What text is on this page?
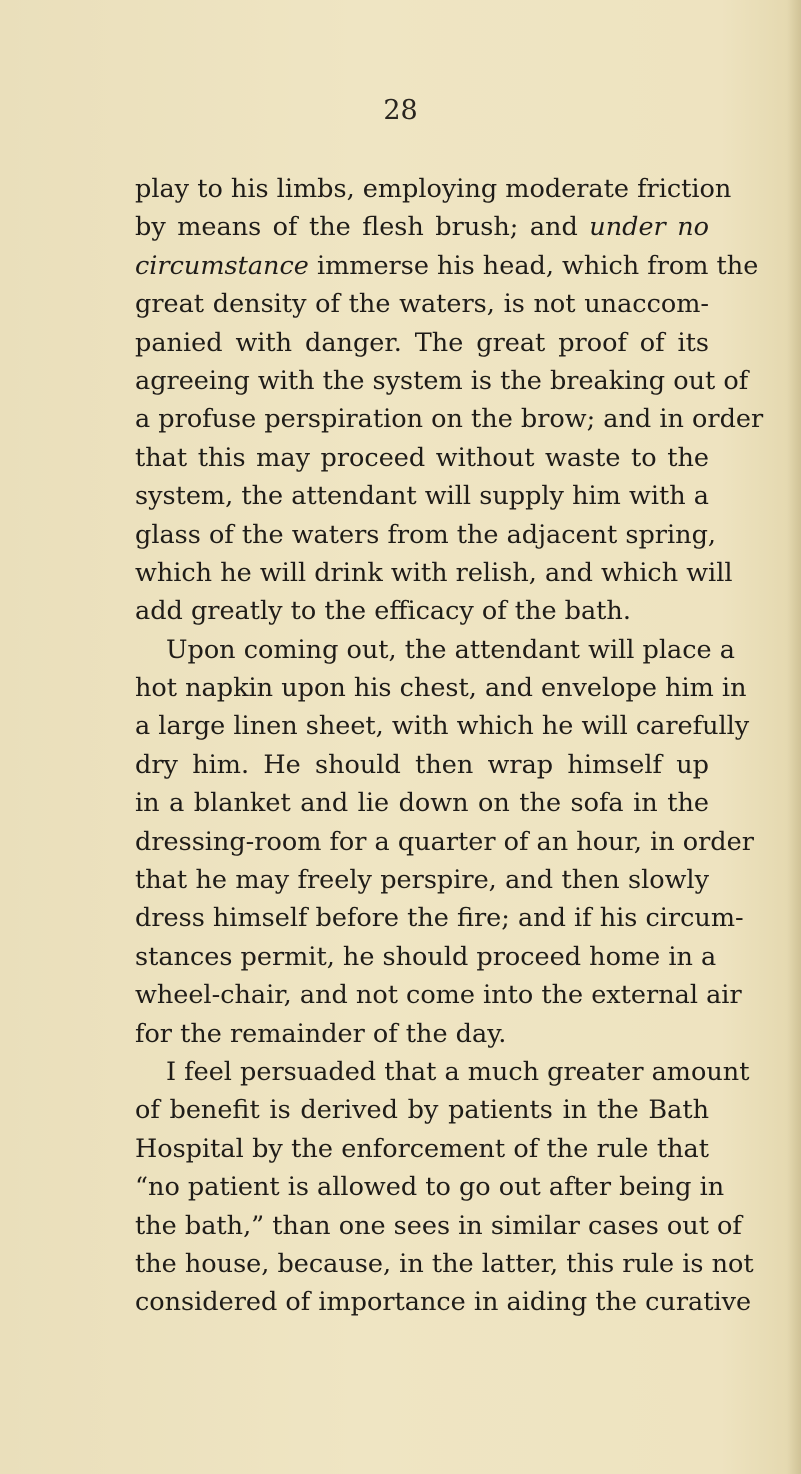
28

play to his limbs, employing moderate friction
by means of the flesh brush; and under no
circumstance immerse his head, which from the
great density of the waters, is not unaccom-
panied with danger. The great proof of its
agreeing with the system is the breaking out of
a profuse perspiration on the brow; and in order
that this may proceed without waste to the
system, the attendant will supply him with a
glass of the waters from the adjacent spring,
which he will drink with relish, and which will
add greatly to the efficacy of the bath.
Upon coming out, the attendant will place a
hot napkin upon his chest, and envelope him in
a large linen sheet, with which he will carefully
dry him. He should then wrap himself up
in a blanket and lie down on the sofa in the
dressing-room for a quarter of an hour, in order
that he may freely perspire, and then slowly
dress himself before the fire; and if his circum-
stances permit, he should proceed home in a
wheel-chair, and not come into the external air
for the remainder of the day.
I feel persuaded that a much greater amount
of benefit is derived by patients in the Bath
Hospital by the enforcement of the rule that
“no patient is allowed to go out after being in
the bath,” than one sees in similar cases out of
the house, because, in the latter, this rule is not
considered of importance in aiding the curative
